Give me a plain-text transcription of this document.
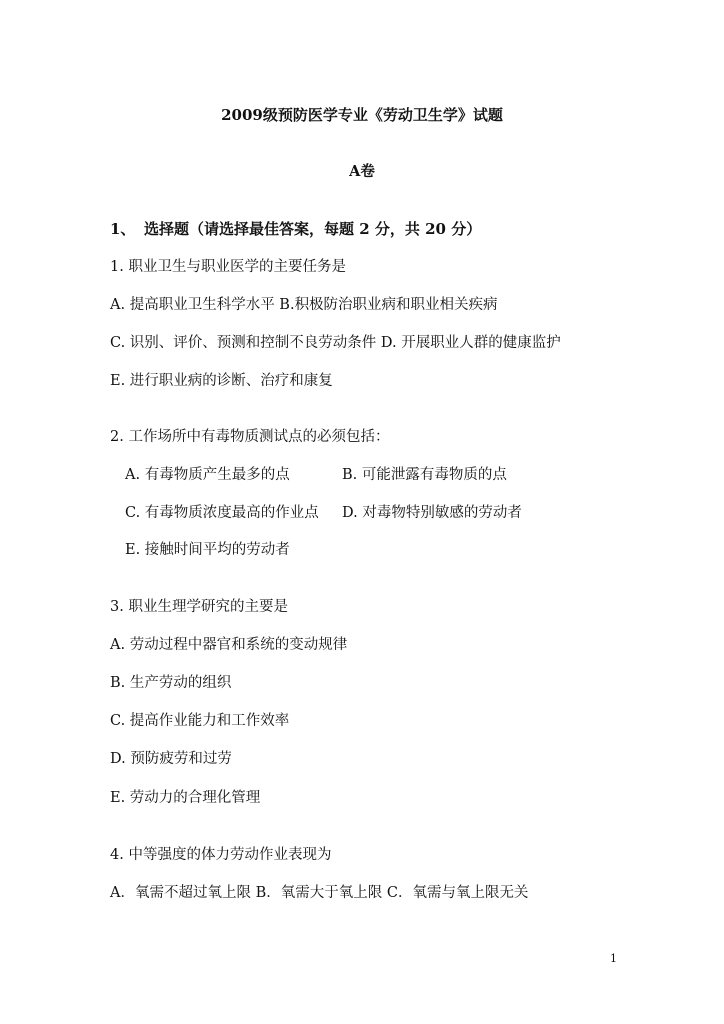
2009级预防医学专业《劳动卫生学》试题
A卷
1、 选择题（请选择最佳答案，每题 2 分，共 20 分）
1. 职业卫生与职业医学的主要任务是
A. 提高职业卫生科学水平 B.积极防治职业病和职业相关疾病
C. 识别、评价、预测和控制不良劳动条件 D. 开展职业人群的健康监护
E. 进行职业病的诊断、治疗和康复
2. 工作场所中有毒物质测试点的必须包括：
A. 有毒物质产生最多的点	B. 可能泄露有毒物质的点
C. 有毒物质浓度最高的作业点 D. 对毒物特别敏感的劳动者
E. 接触时间平均的劳动者
3. 职业生理学研究的主要是
A. 劳动过程中器官和系统的变动规律
B. 生产劳动的组织
C. 提高作业能力和工作效率
D. 预防疲劳和过劳
E. 劳动力的合理化管理
4. 中等强度的体力劳动作业表现为
A．氧需不超过氧上限 B．氧需大于氧上限 C．氧需与氧上限无关
1
